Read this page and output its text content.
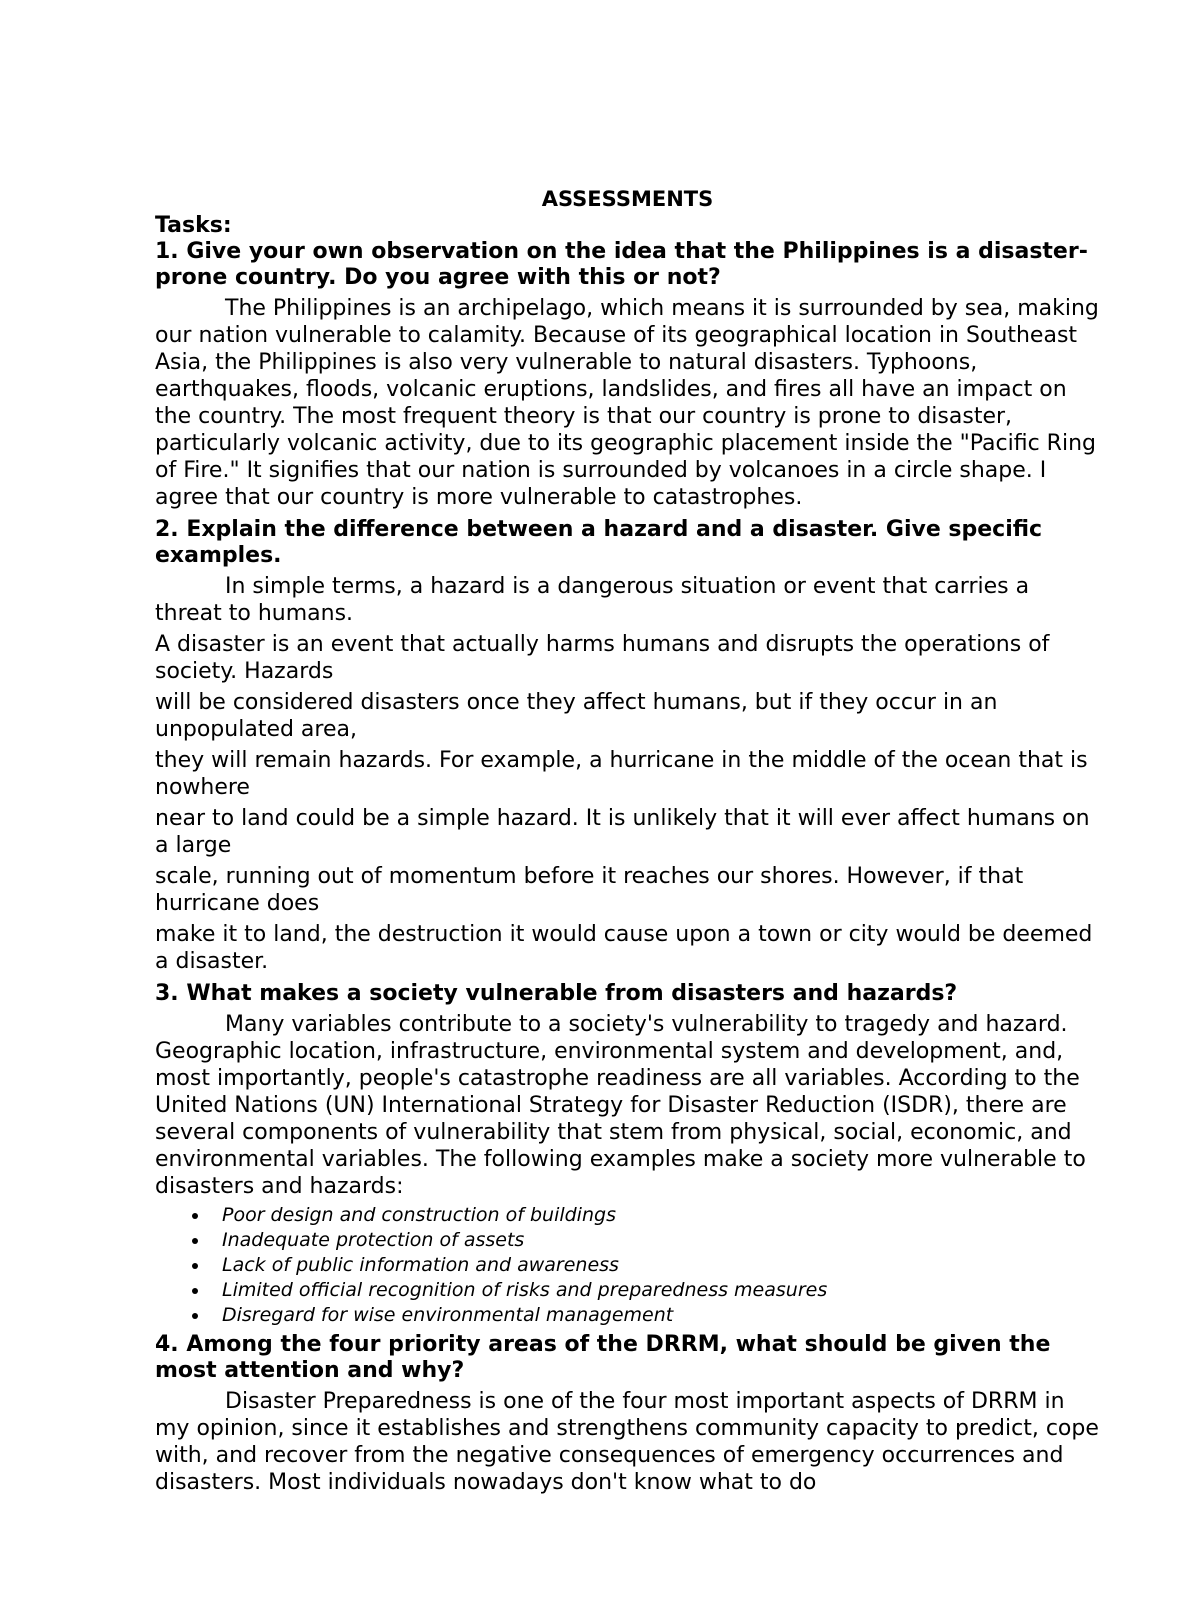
ASSESSMENTS

Tasks:

1. Give your own observation on the idea that the Philippines is a disaster-prone country. Do you agree with this or not?

The Philippines is an archipelago, which means it is surrounded by sea, making our nation vulnerable to calamity. Because of its geographical location in Southeast Asia, the Philippines is also very vulnerable to natural disasters. Typhoons, earthquakes, floods, volcanic eruptions, landslides, and fires all have an impact on the country. The most frequent theory is that our country is prone to disaster, particularly volcanic activity, due to its geographic placement inside the "Pacific Ring of Fire." It signifies that our nation is surrounded by volcanoes in a circle shape. I agree that our country is more vulnerable to catastrophes.

2. Explain the difference between a hazard and a disaster. Give specific examples.

In simple terms, a hazard is a dangerous situation or event that carries a threat to humans.

A disaster is an event that actually harms humans and disrupts the operations of society. Hazards

will be considered disasters once they affect humans, but if they occur in an unpopulated area,

they will remain hazards. For example, a hurricane in the middle of the ocean that is nowhere

near to land could be a simple hazard. It is unlikely that it will ever affect humans on a large

scale, running out of momentum before it reaches our shores. However, if that hurricane does

make it to land, the destruction it would cause upon a town or city would be deemed a disaster.

3. What makes a society vulnerable from disasters and hazards?

Many variables contribute to a society's vulnerability to tragedy and hazard. Geographic location, infrastructure, environmental system and development, and, most importantly, people's catastrophe readiness are all variables. According to the United Nations (UN) International Strategy for Disaster Reduction (ISDR), there are several components of vulnerability that stem from physical, social, economic, and environmental variables. The following examples make a society more vulnerable to disasters and hazards:

Poor design and construction of buildings
Inadequate protection of assets
Lack of public information and awareness
Limited official recognition of risks and preparedness measures
Disregard for wise environmental management

4. Among the four priority areas of the DRRM, what should be given the most attention and why?

Disaster Preparedness is one of the four most important aspects of DRRM in my opinion, since it establishes and strengthens community capacity to predict, cope with, and recover from the negative consequences of emergency occurrences and disasters. Most individuals nowadays don't know what to do
